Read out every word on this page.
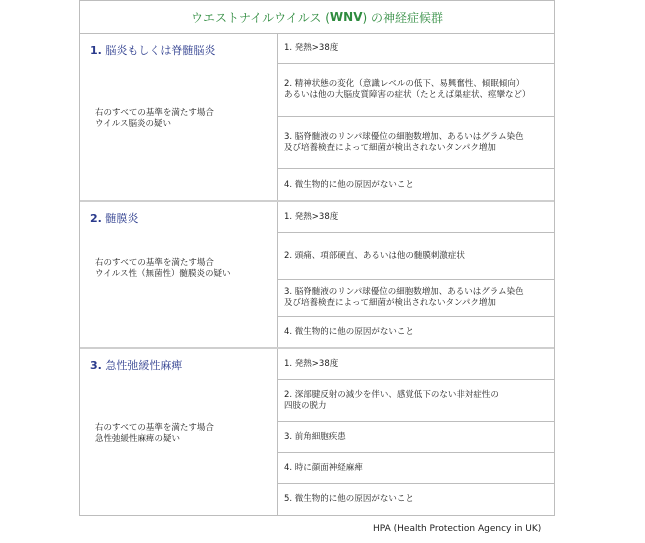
ウエストナイルウイルス ( WNV ) の神経症候群
1. 脳炎もしくは脊髄脳炎
右のすべての基準を満たす場合
ウイルス脳炎の疑い
1. 発熱>38度
2. 精神状態の変化（意識レベルの低下、易興奮性、傾眠傾向）
あるいは他の大脳皮質障害の症状（たとえば巣症状、痙攣など）
3. 脳脊髄液のリンパ球優位の細胞数増加、あるいはグラム染色
及び培養検査によって細菌が検出されないタンパク増加
4. 微生物的に他の原因がないこと
2. 髄膜炎
右のすべての基準を満たす場合
ウイルス性（無菌性）髄膜炎の疑い
1. 発熱>38度
2. 頭痛、項部硬直、あるいは他の髄膜刺激症状
3. 脳脊髄液のリンパ球優位の細胞数増加、あるいはグラム染色
及び培養検査によって細菌が検出されないタンパク増加
4. 微生物的に他の原因がないこと
3. 急性弛緩性麻痺
右のすべての基準を満たす場合
急性弛緩性麻痺の疑い
1. 発熱>38度
2. 深部腱反射の減少を伴い、感覚低下のない非対症性の
四肢の脱力
3. 前角細胞疾患
4. 時に顔面神経麻痺
5. 微生物的に他の原因がないこと
HPA (Health Protection Agency in UK)
